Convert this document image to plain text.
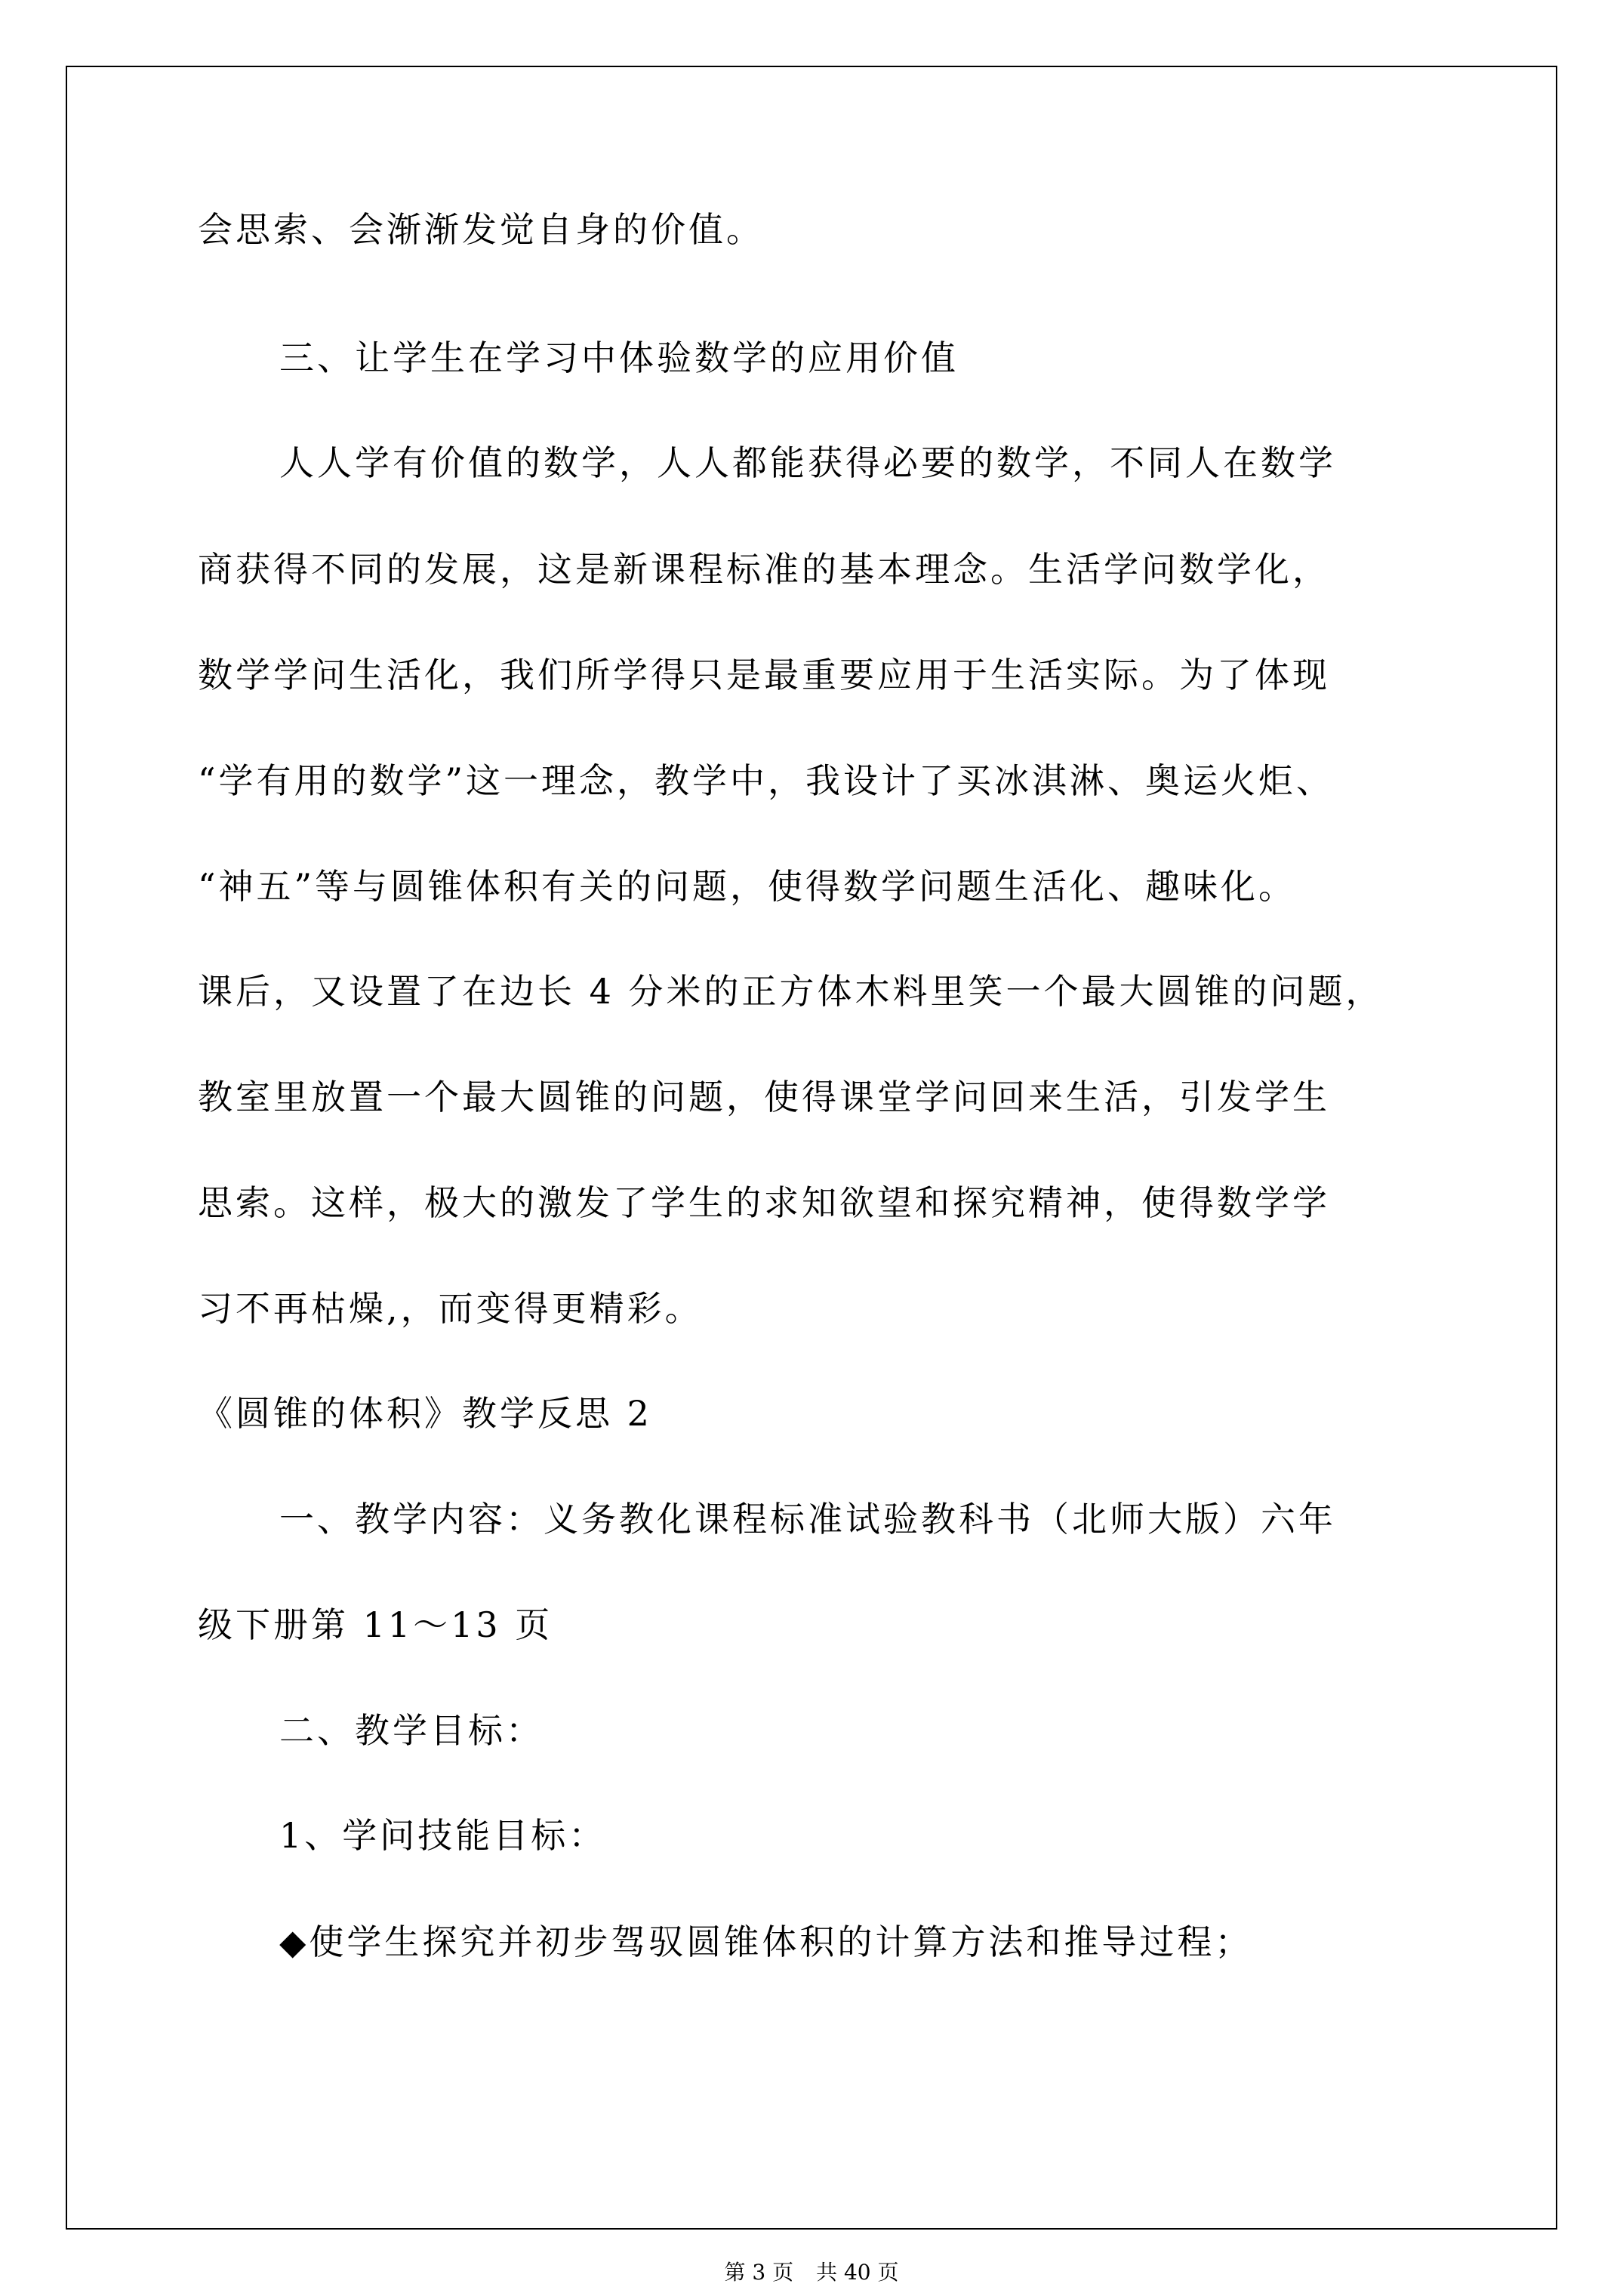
会思索、会渐渐发觉自身的价值。
三、让学生在学习中体验数学的应用价值
人人学有价值的数学，人人都能获得必要的数学，不同人在数学
商获得不同的发展，这是新课程标准的基本理念。生活学问数学化，
数学学问生活化，我们所学得只是最重要应用于生活实际。为了体现
“学有用的数学”这一理念，教学中，我设计了买冰淇淋、奥运火炬、
“神五”等与圆锥体积有关的问题，使得数学问题生活化、趣味化。
课后，又设置了在边长 4 分米的正方体木料里笑一个最大圆锥的问题，
教室里放置一个最大圆锥的问题，使得课堂学问回来生活，引发学生
思索。这样，极大的激发了学生的求知欲望和探究精神，使得数学学
习不再枯燥,，而变得更精彩。
《圆锥的体积》教学反思 2
一、教学内容：义务教化课程标准试验教科书（北师大版）六年
级下册第 11～13 页
二、教学目标：
1、学问技能目标：
◆使学生探究并初步驾驭圆锥体积的计算方法和推导过程；
第 3 页 共 40 页
